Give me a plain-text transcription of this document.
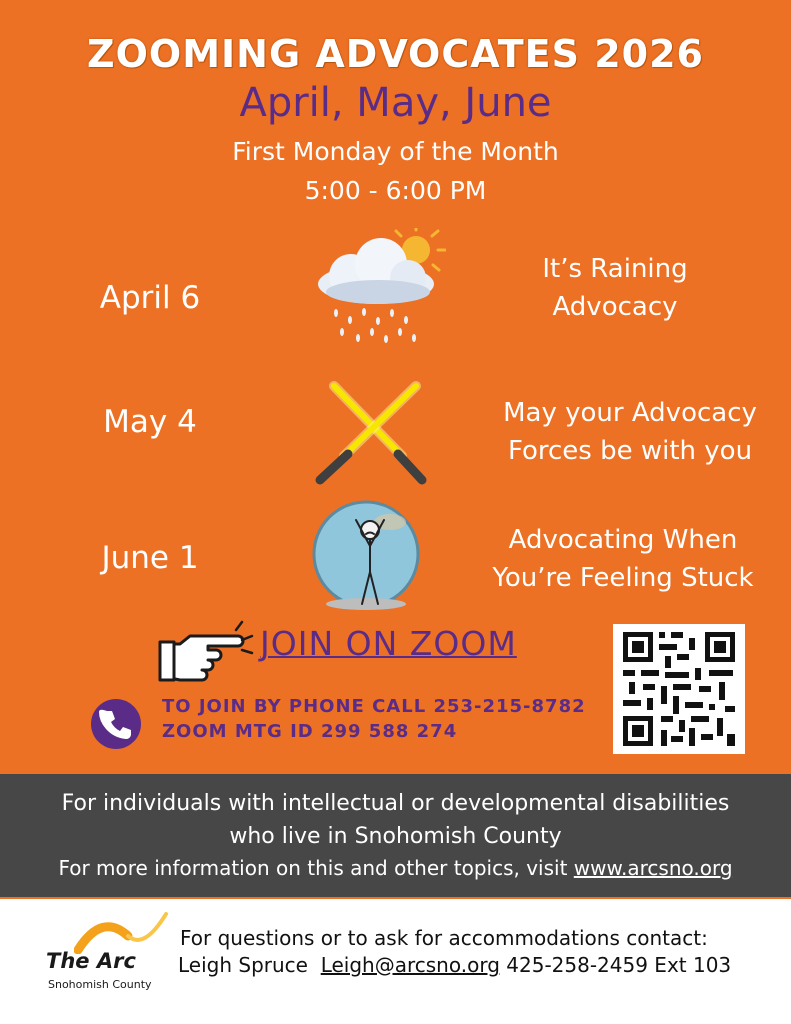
ZOOMING ADVOCATES 2026
April, May, June
First Monday of the Month
5:00 - 6:00 PM
April 6
It’s Raining
Advocacy
May 4	May your Advocacy
Forces be with you
June 1	Advocating When
You’re Feeling Stuck
JOIN ON ZOOM
TO JOIN BY PHONE CALL 253-215-8782
ZOOM MTG ID 299 588 274
For individuals with intellectual or developmental disabilities
who live in Snohomish County
For more information on this and other topics, visit www.arcsno.org
The Arc
Snohomish County
For questions or to ask for accommodations contact:
Leigh Spruce Leigh@arcsno.org 425-258-2459 Ext 103
